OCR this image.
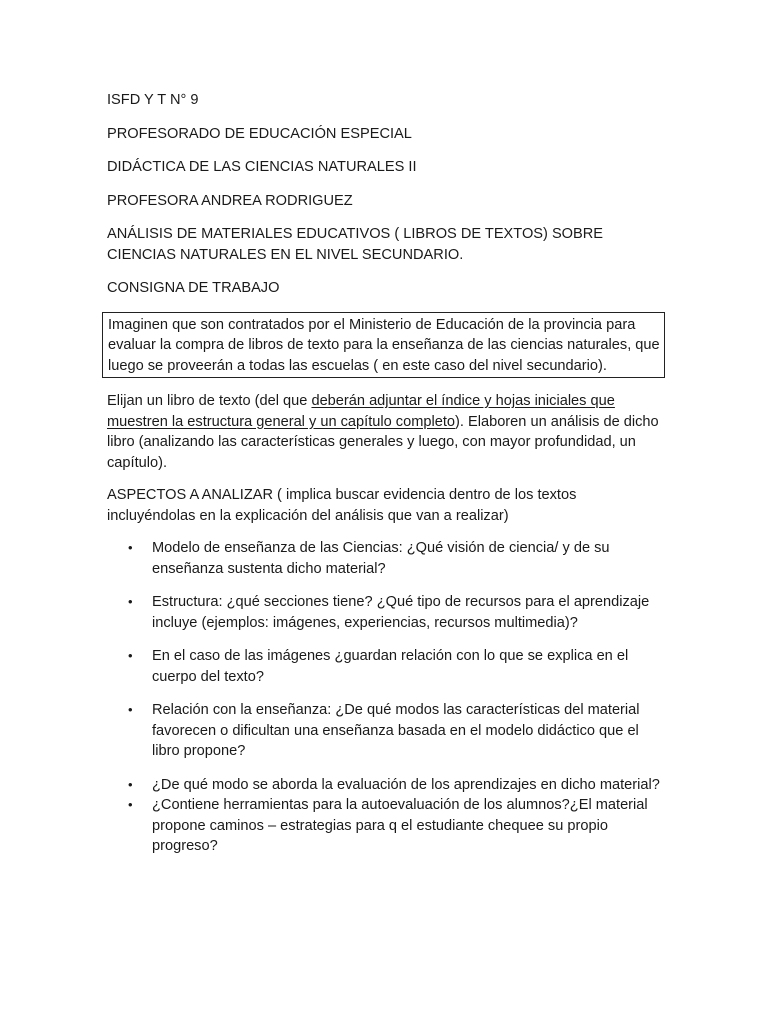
ISFD Y T N° 9

PROFESORADO DE EDUCACIÓN ESPECIAL

DIDÁCTICA DE LAS CIENCIAS NATURALES II

PROFESORA ANDREA RODRIGUEZ

ANÁLISIS DE MATERIALES EDUCATIVOS ( LIBROS DE TEXTOS) SOBRE CIENCIAS NATURALES EN EL NIVEL SECUNDARIO.

CONSIGNA DE TRABAJO

Imaginen que son contratados por el Ministerio de Educación de la provincia para evaluar la compra de libros de texto para la enseñanza de las ciencias naturales, que luego se proveerán a todas las escuelas ( en este caso del nivel secundario).

Elijan un libro de texto (del que deberán adjuntar el índice y hojas iniciales que muestren la estructura general y un capítulo completo). Elaboren un análisis de dicho libro (analizando las características generales y luego, con mayor profundidad, un capítulo).

ASPECTOS A ANALIZAR ( implica buscar evidencia dentro de los textos incluyéndolas en la explicación del análisis que van a realizar)

• Modelo de enseñanza de las Ciencias: ¿Qué visión de ciencia/ y de su enseñanza sustenta dicho material?
• Estructura: ¿qué secciones tiene? ¿Qué tipo de recursos para el aprendizaje incluye (ejemplos: imágenes, experiencias, recursos multimedia)?
• En el caso de las imágenes ¿guardan relación con lo que se explica en el cuerpo del texto?
• Relación con la enseñanza: ¿De qué modos las características del material favorecen o dificultan una enseñanza basada en el modelo didáctico que el libro propone?
• ¿De qué modo se aborda la evaluación de los aprendizajes en dicho material?
• ¿Contiene herramientas para la autoevaluación de los alumnos?¿El material propone caminos – estrategias para q el estudiante chequee su propio progreso?
